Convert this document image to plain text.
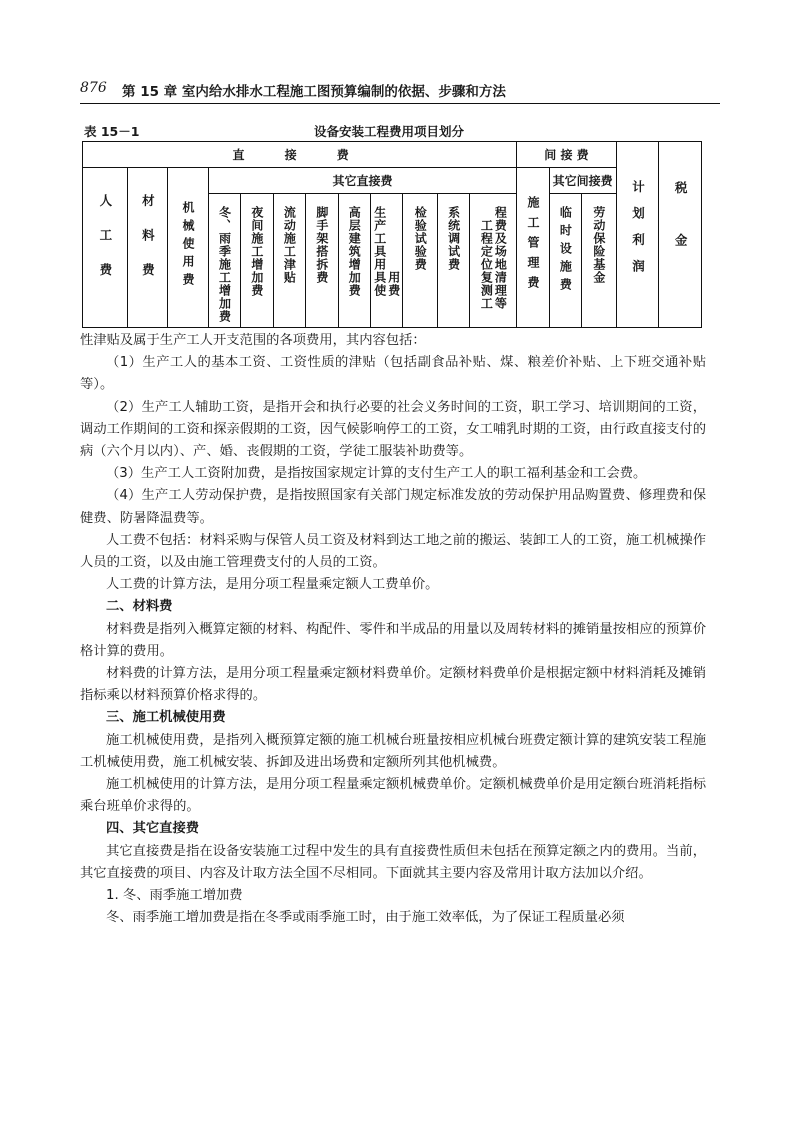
876 第 15 章 室内给水排水工程施工图预算编制的依据、步骤和方法
表 15－1	设备安装工程费用项目划分
直 接 费												间 接 费			计划利润	税金
人工费	材料费	机械使用费	其它直接费									施工管理费	其它间接费			
			冬、雨季施工增加费	夜间施工增加费	流动施工津贴	脚手架搭拆费	高层建筑增加费	生产工具用具使用费	检验试验费	系统调试费	工程定位复测工程费及场地清理等		临时设施费	劳动保险基金		

性津贴及属于生产工人开支范围的各项费用，其内容包括：

（1）生产工人的基本工资、工资性质的津贴（包括副食品补贴、煤、粮差价补贴、上下班交通补贴等）。

（2）生产工人辅助工资，是指开会和执行必要的社会义务时间的工资，职工学习、培训期间的工资，调动工作期间的工资和探亲假期的工资，因气候影响停工的工资，女工哺乳时期的工资，由行政直接支付的病（六个月以内）、产、婚、丧假期的工资，学徒工服装补助费等。

（3）生产工人工资附加费，是指按国家规定计算的支付生产工人的职工福利基金和工会费。

（4）生产工人劳动保护费，是指按照国家有关部门规定标准发放的劳动保护用品购置费、修理费和保健费、防暑降温费等。

人工费不包括：材料采购与保管人员工资及材料到达工地之前的搬运、装卸工人的工资，施工机械操作人员的工资，以及由施工管理费支付的人员的工资。

人工费的计算方法，是用分项工程量乘定额人工费单价。

二、材料费

材料费是指列入概算定额的材料、构配件、零件和半成品的用量以及周转材料的摊销量按相应的预算价格计算的费用。

材料费的计算方法，是用分项工程量乘定额材料费单价。定额材料费单价是根据定额中材料消耗及摊销指标乘以材料预算价格求得的。

三、施工机械使用费

施工机械使用费，是指列入概预算定额的施工机械台班量按相应机械台班费定额计算的建筑安装工程施工机械使用费，施工机械安装、拆卸及进出场费和定额所列其他机械费。

施工机械使用的计算方法，是用分项工程量乘定额机械费单价。定额机械费单价是用定额台班消耗指标乘台班单价求得的。

四、其它直接费

其它直接费是指在设备安装施工过程中发生的具有直接费性质但未包括在预算定额之内的费用。当前，其它直接费的项目、内容及计取方法全国不尽相同。下面就其主要内容及常用计取方法加以介绍。

1. 冬、雨季施工增加费

冬、雨季施工增加费是指在冬季或雨季施工时，由于施工效率低，为了保证工程质量必须
